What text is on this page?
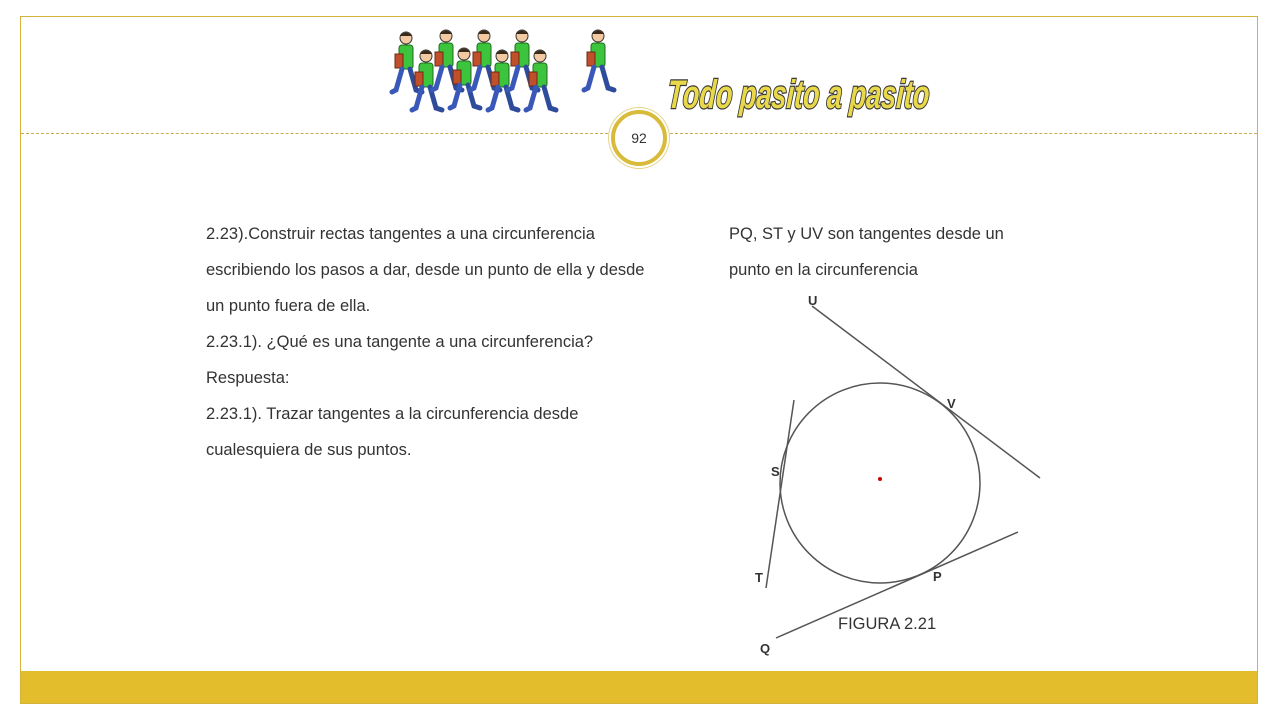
Todo pasito a pasito
92

2.23).Construir rectas tangentes a una circunferencia escribiendo los pasos a dar, desde un punto de ella y desde un punto fuera de ella.

2.23.1). ¿Qué es una tangente a una circunferencia?

Respuesta:

2.23.1). Trazar tangentes a la circunferencia desde cualesquiera de sus puntos.

PQ, ST y UV son tangentes desde un punto en la circunferencia

U
V
S
T	P
Q
FIGURA 2.21
